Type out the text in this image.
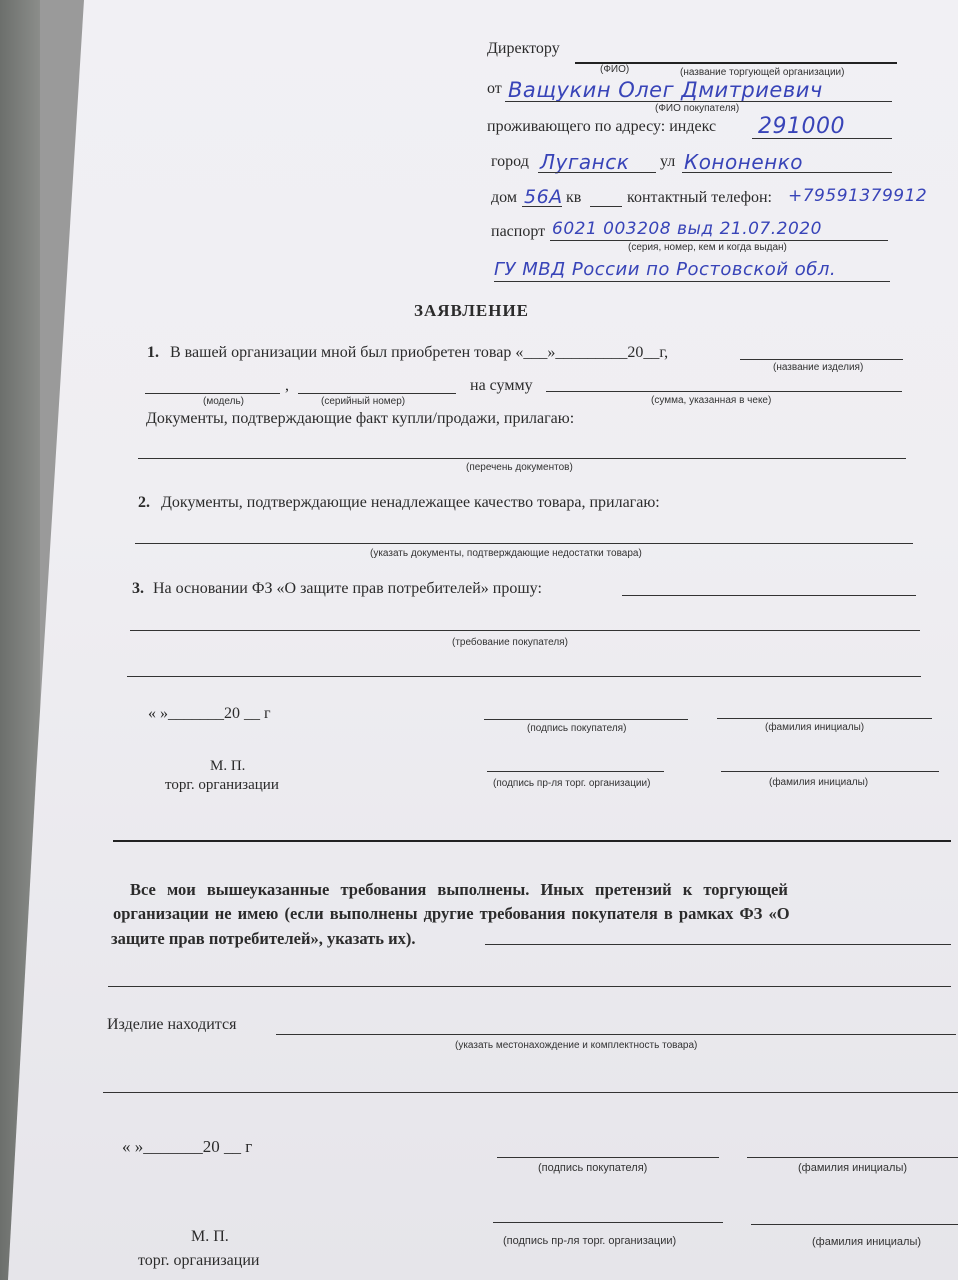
Директору
(ФИО)	(название торгующей организации)
от Ващукин Олег Дмитриевич
(ФИО покупателя)
проживающего по адресу: индекс 291000
город Луганск ул Кононенко
дом 56А кв	контактный телефон: +79591379912
паспорт 6021 003208 выд 21.07.2020
(серия, номер, кем и когда выдан)
ГУ МВД России по Ростовской обл.
ЗАЯВЛЕНИЕ
1. В вашей организации мной был приобретен товар «___»_________20__г,
(название изделия)
,	на сумму
(модель)	(серийный номер)	(сумма, указанная в чеке)
Документы, подтверждающие факт купли/продажи, прилагаю:
(перечень документов)
2. Документы, подтверждающие ненадлежащее качество товара, прилагаю:
(указать документы, подтверждающие недостатки товара)
3. На основании ФЗ «О защите прав потребителей» прошу:
(требование покупателя)
« »_______20 __ г
(подпись покупателя)	(фамилия инициалы)
М. П.
торг. организации	(подпись пр-ля торг. организации)	(фамилия инициалы)
Все мои вышеуказанные требования выполнены. Иных претензий к торгующей
организации не имею (если выполнены другие требования покупателя в рамках ФЗ «О
защите прав потребителей», указать их).
Изделие находится
(указать местонахождение и комплектность товара)
« »_______20 __ г
(подпись покупателя)	(фамилия инициалы)
М. П.	(подпись пр-ля торг. организации)	(фамилия инициалы)
торг. организации
